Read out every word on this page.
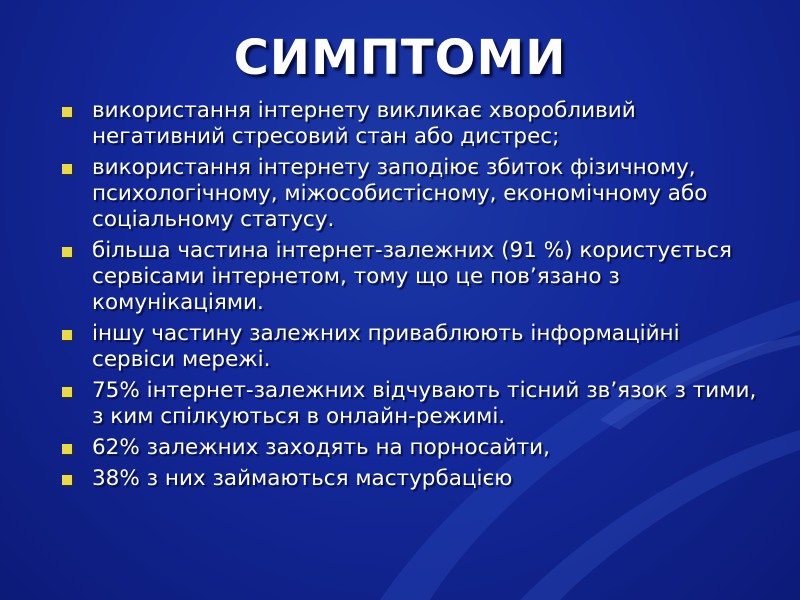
СИМПТОМИ
використання інтернету викликає хворобливий негативний стресовий стан або дистрес;
використання інтернету заподіює збиток фізичному, психологічному, міжособистісному, економічному або соціальному статусу.
більша частина інтернет-залежних (91 %) користується сервісами інтернетом, тому що це пов’язано з комунікаціями.
іншу частину залежних приваблюють інформаційні сервіси мережі.
75% інтернет-залежних відчувають тісний зв’язок з тими, з ким спілкуються в онлайн-режимі.
62% залежних заходять на порносайти,
38% з них займаються мастурбацією
